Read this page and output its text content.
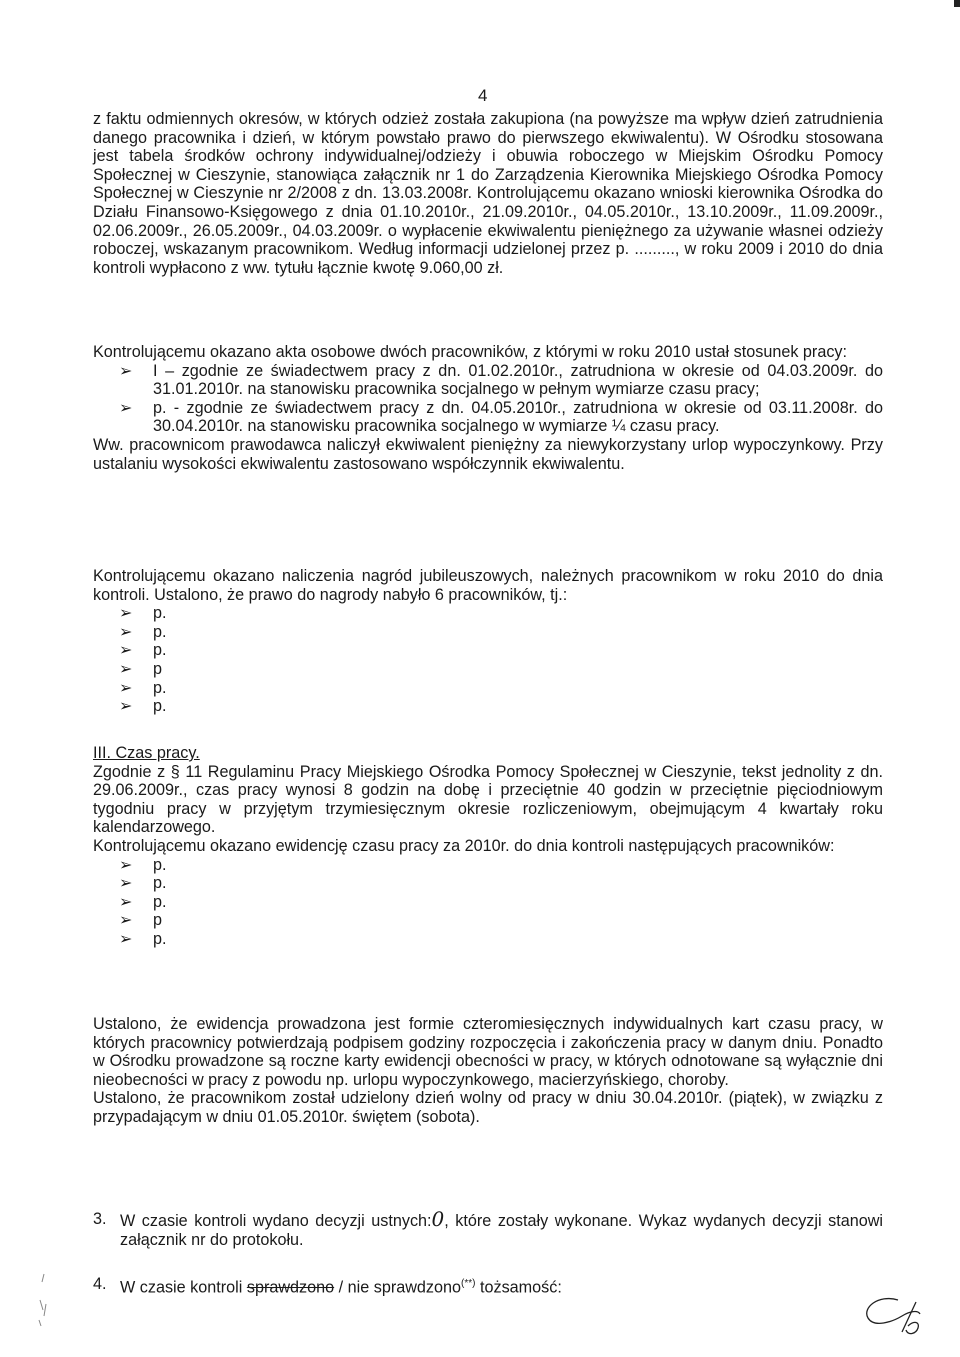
4

z faktu odmiennych okresów, w których odzież została zakupiona (na powyższe ma wpływ dzień zatrudnienia danego pracownika i dzień, w którym powstało prawo do pierwszego ekwiwalentu). W Ośrodku stosowana jest tabela środków ochrony indywidualnej/odzieży i obuwia roboczego w Miejskim Ośrodku Pomocy Społecznej w Cieszynie, stanowiąca załącznik nr 1 do Zarządzenia Kierownika Miejskiego Ośrodka Pomocy Społecznej w Cieszynie nr 2/2008 z dn. 13.03.2008r. Kontrolującemu okazano wnioski kierownika Ośrodka do Działu Finansowo-Księgowego z dnia 01.10.2010r., 21.09.2010r., 04.05.2010r., 13.10.2009r., 11.09.2009r., 02.06.2009r., 26.05.2009r., 04.03.2009r. o wypłacenie ekwiwalentu pieniężnego za używanie własnei odzieży roboczej, wskazanym pracownikom. Według informacji udzielonej przez p. ........., w roku 2009 i 2010 do dnia kontroli wypłacono z ww. tytułu łącznie kwotę 9.060,00 zł.

Kontrolującemu okazano akta osobowe dwóch pracowników, z którymi w roku 2010 ustał stosunek pracy:

➢ I – zgodnie ze świadectwem pracy z dn. 01.02.2010r., zatrudniona w okresie od 04.03.2009r. do 31.01.2010r. na stanowisku pracownika socjalnego w pełnym wymiarze czasu pracy;
➢ p. - zgodnie ze świadectwem pracy z dn. 04.05.2010r., zatrudniona w okresie od 03.11.2008r. do 30.04.2010r. na stanowisku pracownika socjalnego w wymiarze ¼ czasu pracy.

Ww. pracownicom prawodawca naliczył ekwiwalent pieniężny za niewykorzystany urlop wypoczynkowy. Przy ustalaniu wysokości ekwiwalentu zastosowano współczynnik ekwiwalentu.

Kontrolującemu okazano naliczenia nagród jubileuszowych, należnych pracownikom w roku 2010 do dnia kontroli. Ustalono, że prawo do nagrody nabyło 6 pracowników, tj.:

➢ p.
➢ p.
➢ p.
➢ p
➢ p.
➢ p.

III. Czas pracy.

Zgodnie z § 11 Regulaminu Pracy Miejskiego Ośrodka Pomocy Społecznej w Cieszynie, tekst jednolity z dn. 29.06.2009r., czas pracy wynosi 8 godzin na dobę i przeciętnie 40 godzin w przeciętnie pięciodniowym tygodniu pracy w przyjętym trzymiesięcznym okresie rozliczeniowym, obejmującym 4 kwartały roku kalendarzowego.

Kontrolującemu okazano ewidencję czasu pracy za 2010r. do dnia kontroli następujących pracowników:

➢ p.
➢ p.
➢ p.
➢ p
➢ p.

Ustalono, że ewidencja prowadzona jest formie czteromiesięcznych indywidualnych kart czasu pracy, w których pracownicy potwierdzają podpisem godziny rozpoczęcia i zakończenia pracy w danym dniu. Ponadto w Ośrodku prowadzone są roczne karty ewidencji obecności w pracy, w których odnotowane są wyłącznie dni nieobecności w pracy z powodu np. urlopu wypoczynkowego, macierzyńskiego, choroby.

Ustalono, że pracownikom został udzielony dzień wolny od pracy w dniu 30.04.2010r. (piątek), w związku z przypadającym w dniu 01.05.2010r. świętem (sobota).

3. W czasie kontroli wydano decyzji ustnych:0, które zostały wykonane. Wykaz wydanych decyzji stanowi załącznik nr do protokołu.

4. W czasie kontroli sprawdzono / nie sprawdzono(**) tożsamość:
